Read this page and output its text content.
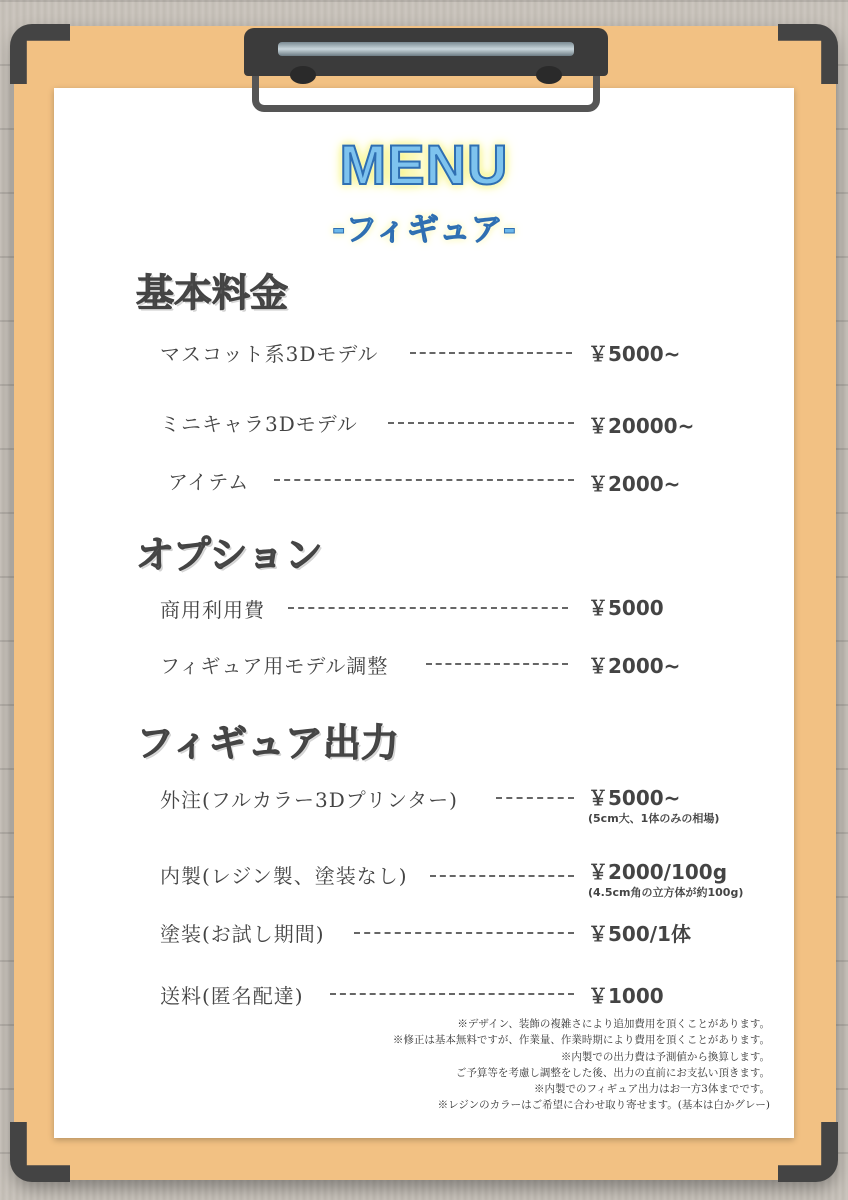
MENU
-フィギュア-
基本料金
マスコット系3Dモデル	￥5000~
ミニキャラ3Dモデル	￥20000~
アイテム	￥2000~
オプション
商用利用費	￥5000
フィギュア用モデル調整	￥2000~
フィギュア出力
外注(フルカラー3Dプリンター)	￥5000~
(5cm大、1体のみの相場)
内製(レジン製、塗装なし)	￥2000/100g
(4.5cm角の立方体が約100g)
塗装(お試し期間)	￥500/1体
送料(匿名配達)	￥1000
※デザイン、装飾の複雑さにより追加費用を頂くことがあります。
※修正は基本無料ですが、作業量、作業時期により費用を頂くことがあります。
※内製での出力費は予測値から換算します。
ご予算等を考慮し調整をした後、出力の直前にお支払い頂きます。
※内製でのフィギュア出力はお一方3体までです。
※レジンのカラーはご希望に合わせ取り寄せます。(基本は白かグレー)
